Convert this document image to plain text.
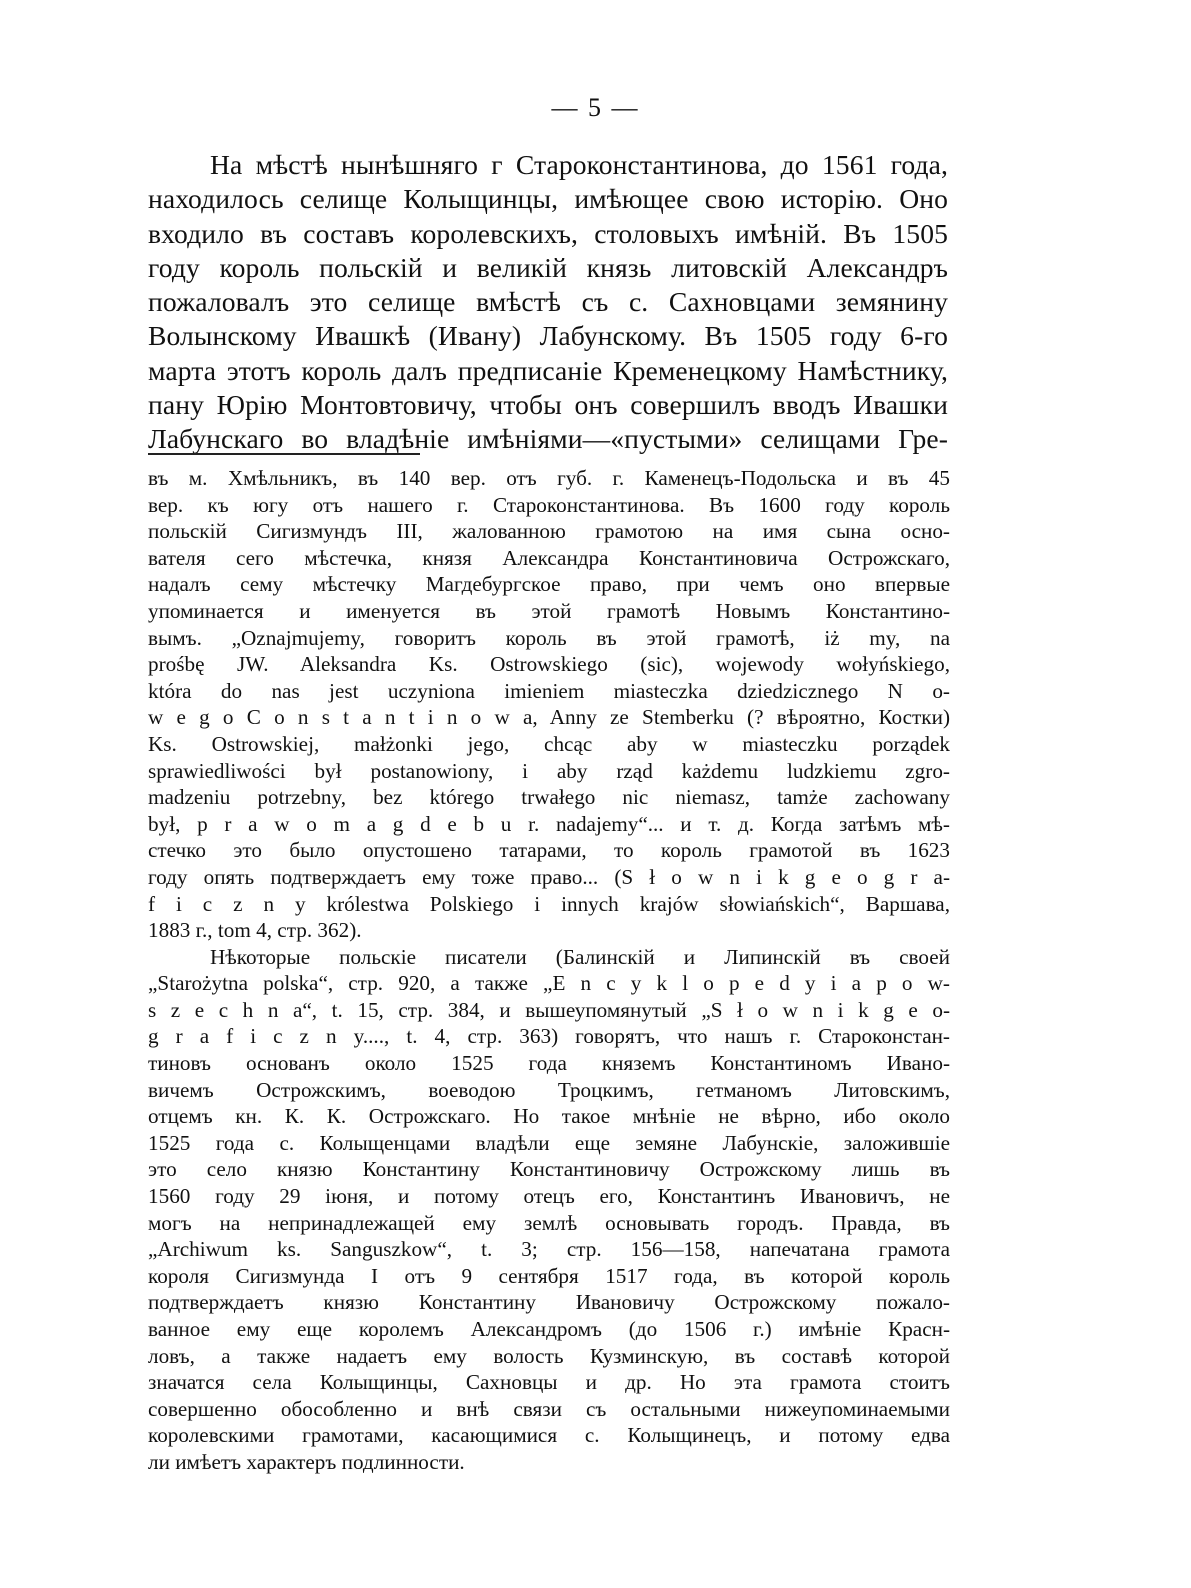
— 5 —
На мѣстѣ нынѣшняго г Староконстантинова, до 1561 года,
находилось селище Колыщинцы, имѣющее свою исторію. Оно
входило въ составъ королевскихъ, столовыхъ имѣній. Въ 1505
году король польскій и великій князь литовскій Александръ
пожаловалъ это селище вмѣстѣ съ с. Сахновцами земянину
Волынскому Ивашкѣ (Ивану) Лабунскому. Въ 1505 году 6-го
марта этотъ король далъ предписаніе Кременецкому Намѣстнику,
пану Юрію Монтовтовичу, чтобы онъ совершилъ вводъ Ивашки
Лабунскаго во владѣніе имѣніями—«пустыми» селищами Гре-
въ м. Хмѣльникъ, въ 140 вер. отъ губ. г. Каменецъ-Подольска и въ 45
вер. къ югу отъ нашего г. Староконстантинова. Въ 1600 году король
польскій Сигизмундъ III, жалованною грамотою на имя сына осно-
вателя сего мѣстечка, князя Александра Константиновича Острожскаго,
надалъ сему мѣстечку Магдебургское право, при чемъ оно впервые
упоминается и именуется въ этой грамотѣ Новымъ Константино-
вымъ. „Oznajmujemy, говоритъ король въ этой грамотѣ, iż my, na
prośbę JW. Aleksandra Ks. Ostrowskiego (sic), wojewody wołyńskiego,
która do nas jest uczyniona imieniem miasteczka dziedzicznego N o-
w e g o C o n s t a n t i n o w a, Anny ze Stemberku (? вѣроятно, Костки)
Ks. Ostrowskiej, małżonki jego, chcąc aby w miasteczku porządek
sprawiedliwości był postanowiony, i aby rząd każdemu ludzkiemu zgro-
madzeniu potrzebny, bez którego trwałego nic niemasz, tamże zachowany
był, p r a w o m a g d e b u r. nadajemy“... и т. д. Когда затѣмъ мѣ-
стечко это было опустошено татарами, то король грамотой въ 1623
году опять подтверждаетъ ему тоже право... (S ł o w n i k g e o g r a-
f i c z n y królestwa Polskiego i innych krajów słowiańskich“, Варшава,
1883 г., tom 4, стр. 362).
Нѣкоторые польскіе писатели (Балинскій и Липинскій въ своей
„Starożytna polska“, стр. 920, а также „E n c y k l o p e d y i a p o w-
s z e c h n a“, t. 15, стр. 384, и вышеупомянутый „S ł o w n i k g e o-
g r a f i c z n y...., t. 4, стр. 363) говорятъ, что нашъ г. Староконстан-
тиновъ основанъ около 1525 года княземъ Константиномъ Ивано-
вичемъ Острожскимъ, воеводою Троцкимъ, гетманомъ Литовскимъ,
отцемъ кн. К. К. Острожскаго. Но такое мнѣніе не вѣрно, ибо около
1525 года с. Колыщенцами владѣли еще земяне Лабунскіе, заложившіе
это село князю Константину Константиновичу Острожскому лишь въ
1560 году 29 іюня, и потому отецъ его, Константинъ Ивановичъ, не
могъ на непринадлежащей ему землѣ основывать городъ. Правда, въ
„Archiwum ks. Sanguszkow“, t. 3; стр. 156—158, напечатана грамота
короля Сигизмунда I отъ 9 сентября 1517 года, въ которой король
подтверждаетъ князю Константину Ивановичу Острожскому пожало-
ванное ему еще королемъ Александромъ (до 1506 г.) имѣніе Красн-
ловъ, а также надаетъ ему волость Кузминскую, въ составѣ которой
значатся села Колыщинцы, Сахновцы и др. Но эта грамота стоитъ
совершенно обособленно и внѣ связи съ остальными нижеупоминаемыми
королевскими грамотами, касающимися с. Колыщинецъ, и потому едва
ли имѣетъ характеръ подлинности.
